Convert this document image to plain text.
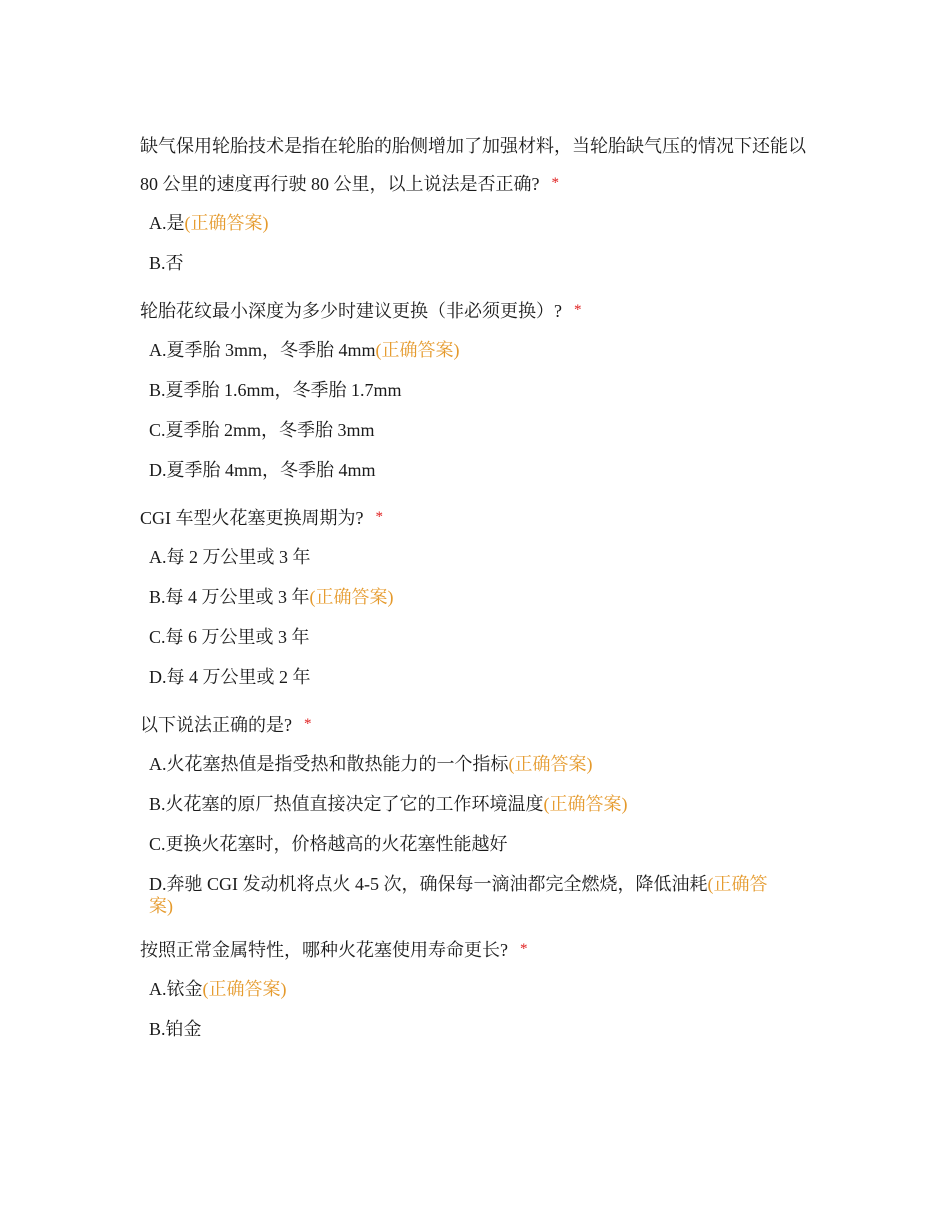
缺气保用轮胎技术是指在轮胎的胎侧增加了加强材料，当轮胎缺气压的情况下还能以 80 公里的速度再行驶 80 公里，以上说法是否正确? *

A.是(正确答案)
B.否

轮胎花纹最小深度为多少时建议更换（非必须更换）? *

A.夏季胎 3mm，冬季胎 4mm(正确答案)
B.夏季胎 1.6mm，冬季胎 1.7mm
C.夏季胎 2mm，冬季胎 3mm
D.夏季胎 4mm，冬季胎 4mm

CGI 车型火花塞更换周期为? *

A.每 2 万公里或 3 年
B.每 4 万公里或 3 年(正确答案)
C.每 6 万公里或 3 年
D.每 4 万公里或 2 年

以下说法正确的是? *

A.火花塞热值是指受热和散热能力的一个指标(正确答案)
B.火花塞的原厂热值直接决定了它的工作环境温度(正确答案)
C.更换火花塞时，价格越高的火花塞性能越好
D.奔驰 CGI 发动机将点火 4-5 次，确保每一滴油都完全燃烧，降低油耗(正确答案)

按照正常金属特性，哪种火花塞使用寿命更长? *

A.铱金(正确答案)
B.铂金
